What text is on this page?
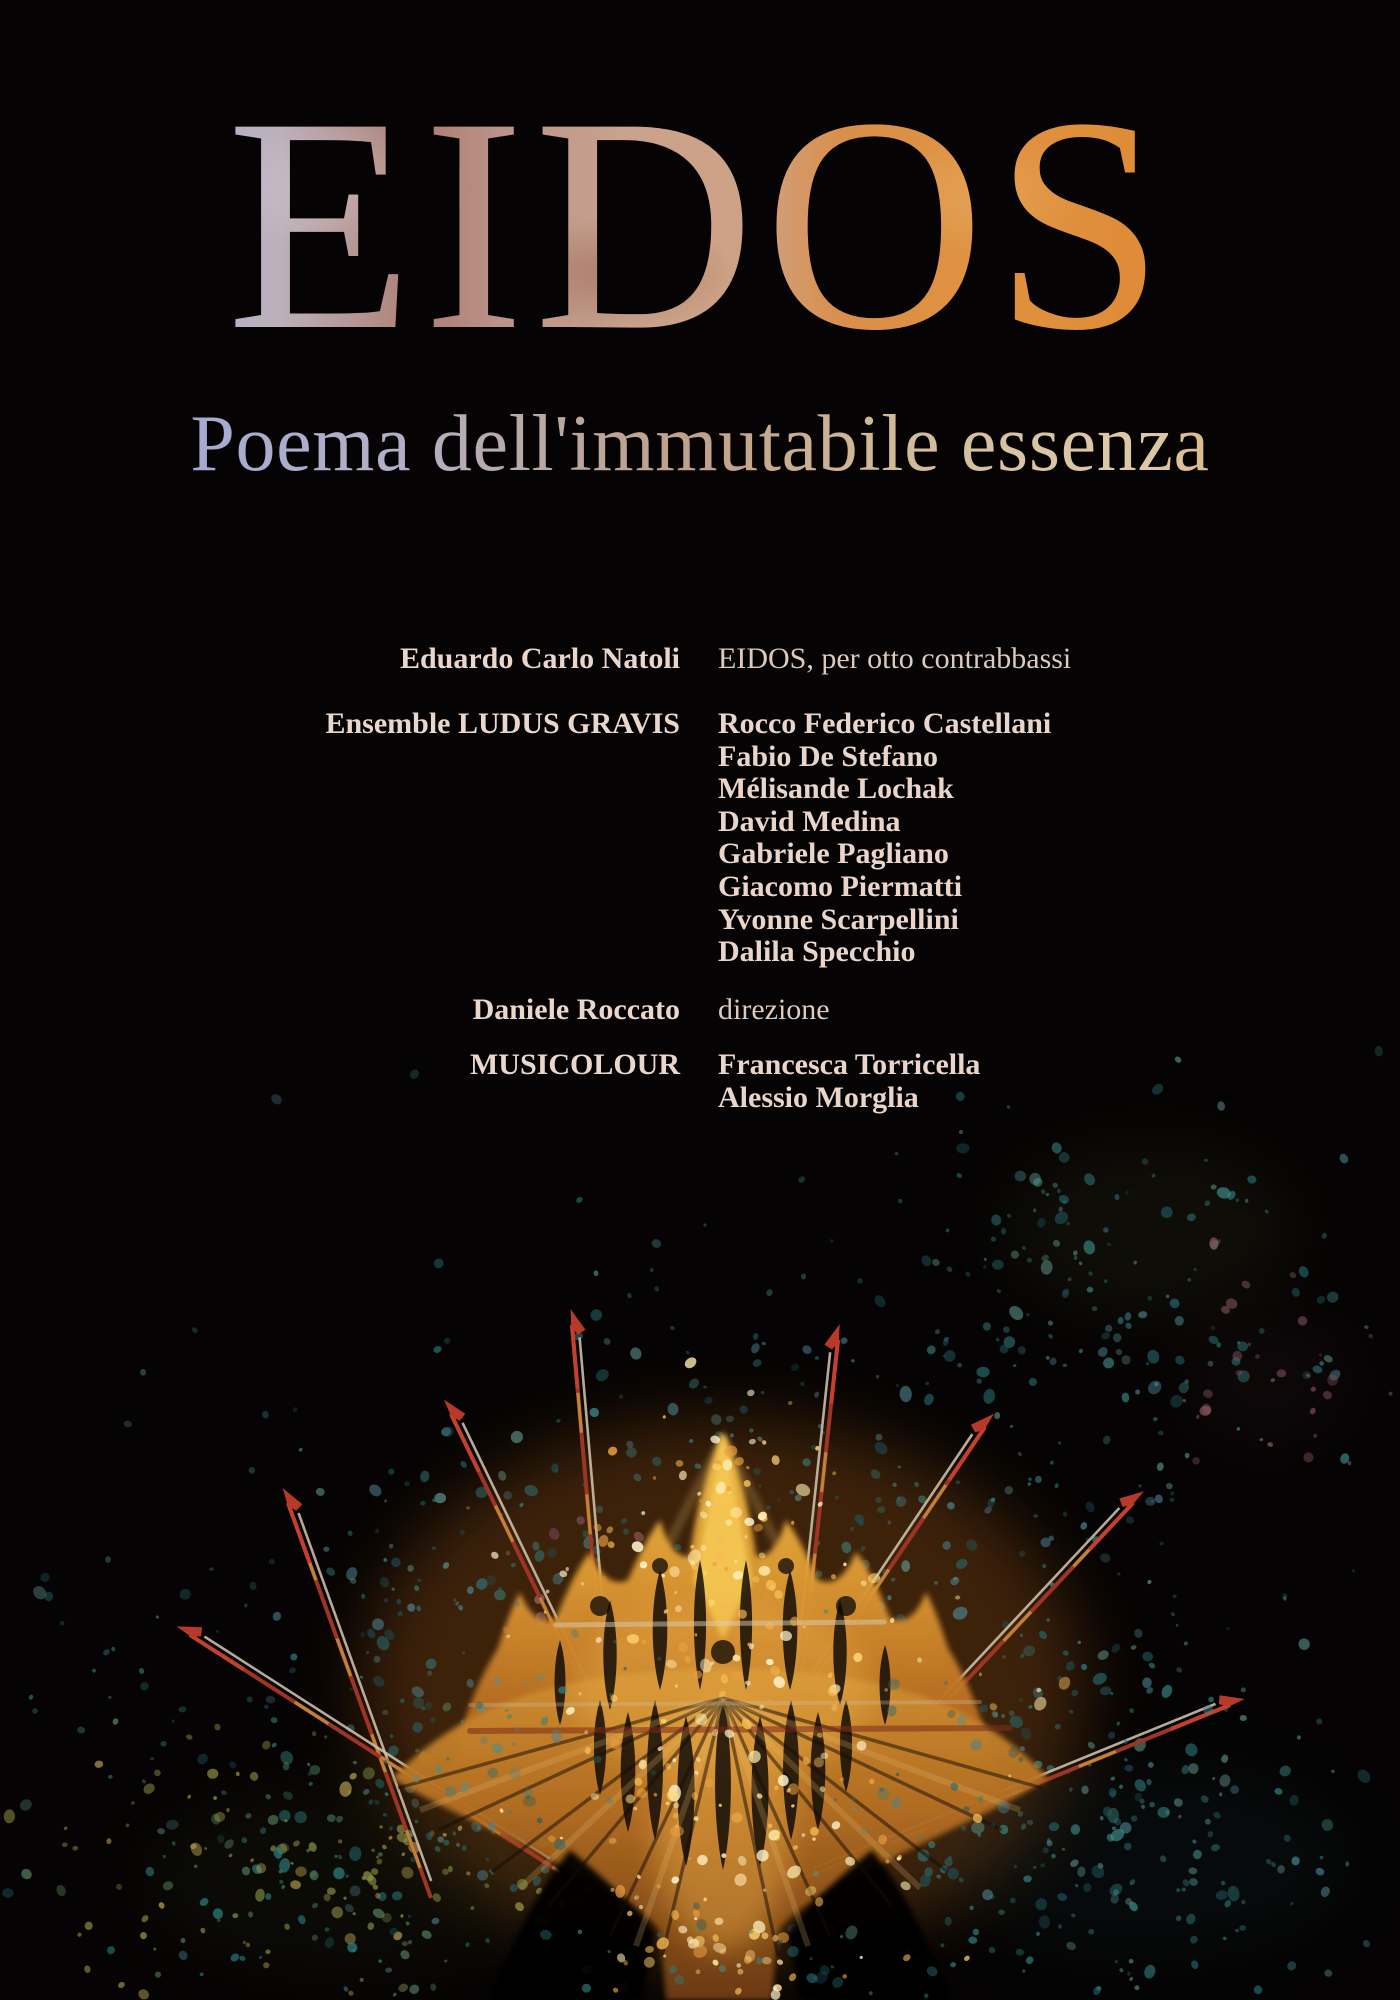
EIDOS
Poema dell'immutabile essenza
Eduardo Carlo Natoli EIDOS, per otto contrabbassi
Ensemble LUDUS GRAVIS Rocco Federico Castellani
Fabio De Stefano
Mélisande Lochak
David Medina
Gabriele Pagliano
Giacomo Piermatti
Yvonne Scarpellini
Dalila Specchio
Daniele Roccato direzione
MUSICOLOUR Francesca Torricella
Alessio Morglia
